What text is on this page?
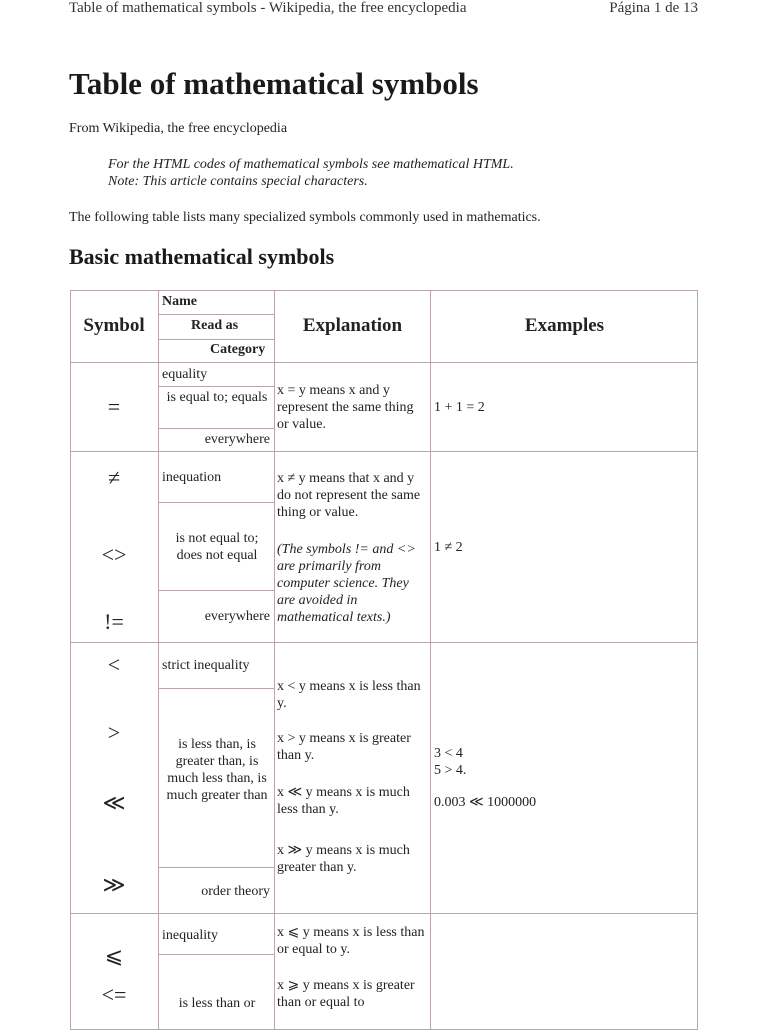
Table of mathematical symbols - Wikipedia, the free encyclopedia	Página 1 de 13
Table of mathematical symbols

From Wikipedia, the free encyclopedia

For the HTML codes of mathematical symbols see mathematical HTML.
Note: This article contains special characters.

The following table lists many specialized symbols commonly used in mathematics.

Basic mathematical symbols
Symbol
Name
Read as
Category
Explanation	Examples
=
equality
is equal to; equals
everywhere
x = y means x and y represent the same thing or value.
1 + 1 = 2
≠
<>
!=
inequation
is not equal to; does not equal
everywhere
x ≠ y means that x and y do not represent the same thing or value.
(The symbols != and <> are primarily from computer science. They are avoided in mathematical texts.)
1 ≠ 2
<
>
≪
≫
strict inequality
is less than, is greater than, is much less than, is much greater than
order theory
x < y means x is less than y.
x > y means x is greater than y.
x ≪ y means x is much less than y.
x ≫ y means x is much greater than y.
3 < 4
5 > 4.
0.003 ≪ 1000000
⩽
<=
inequality
is less than or
x ⩽ y means x is less than or equal to y.
x ⩾ y means x is greater than or equal to
